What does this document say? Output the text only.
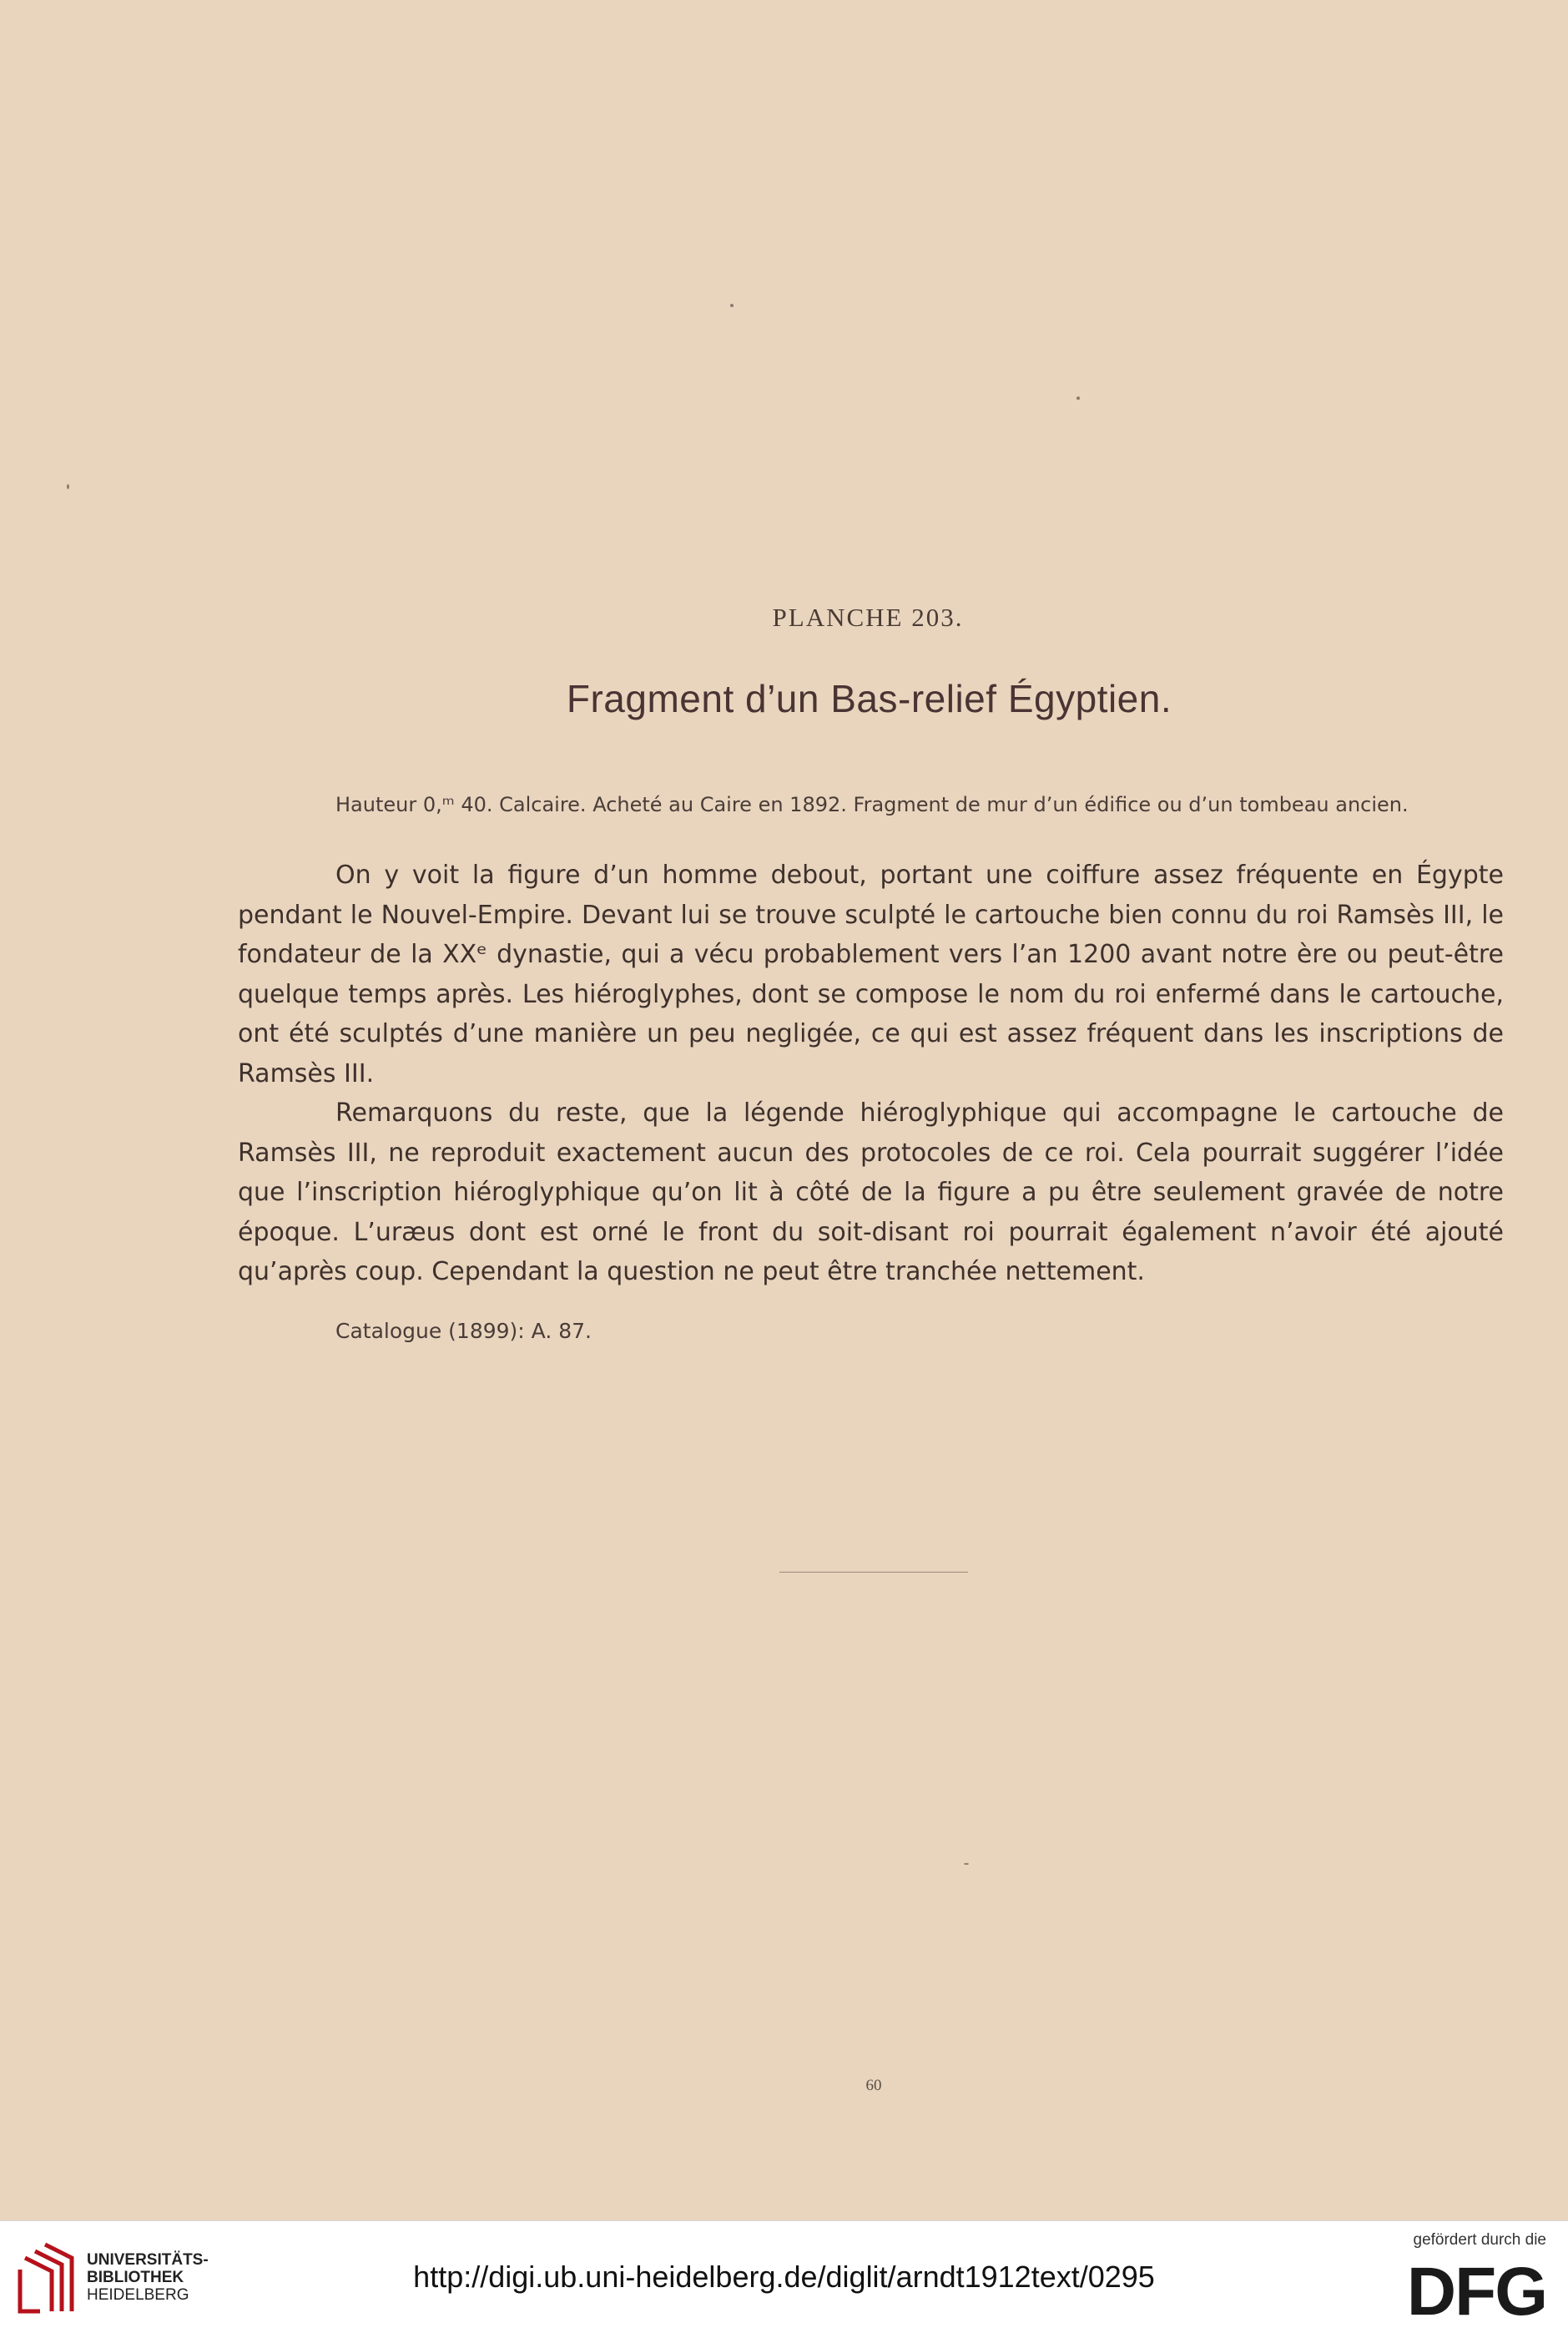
PLANCHE 203.
Fragment d’un Bas-relief Égyptien.
Hauteur 0,ᵐ 40. Calcaire. Acheté au Caire en 1892. Fragment de mur d’un édifice ou d’un tombeau ancien.

On y voit la figure d’un homme debout, portant une coiffure assez fréquente en Égypte pendant le Nouvel-Empire. Devant lui se trouve sculpté le cartouche bien connu du roi Ramsès III, le fondateur de la XXᵉ dynastie, qui a vécu probablement vers l’an 1200 avant notre ère ou peut-être quelque temps après. Les hiéroglyphes, dont se compose le nom du roi enfermé dans le cartouche, ont été sculptés d’une manière un peu negligée, ce qui est assez fréquent dans les inscriptions de Ramsès III.

Remarquons du reste, que la légende hiéroglyphique qui accompagne le cartouche de Ramsès III, ne reproduit exactement aucun des protocoles de ce roi. Cela pourrait suggérer l’idée que l’inscription hiéroglyphique qu’on lit à côté de la figure a pu être seulement gravée de notre époque. L’uræus dont est orné le front du soit-disant roi pourrait également n’avoir été ajouté qu’après coup. Cependant la question ne peut être tranchée nettement.

Catalogue (1899): A. 87.
60
UNIVERSITÄTS-
BIBLIOTHEK
HEIDELBERG
http://digi.ub.uni-heidelberg.de/diglit/arndt1912text/0295
gefördert durch die
DFG
